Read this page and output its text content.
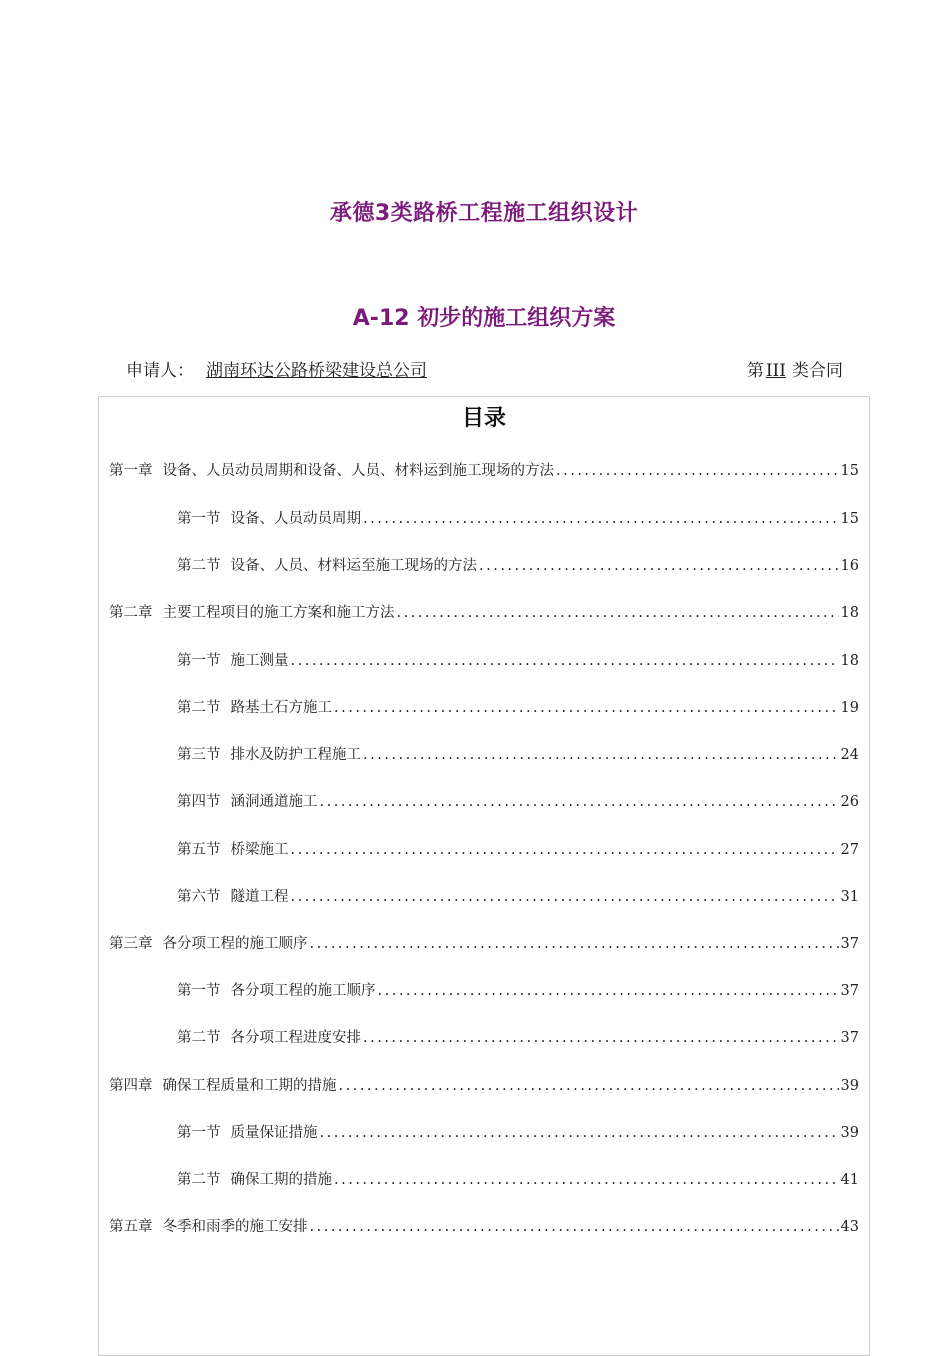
承德3类路桥工程施工组织设计
A-12 初步的施工组织方案
申请人： 湖南环达公路桥梁建设总公司	第 III 类合同
目录
第一章 设备、人员动员周期和设备、人员、材料运到施工现场的方法 .....	15
第一节 设备、人员动员周期 .....	15
第二节 设备、人员、材料运至施工现场的方法 .....	16
第二章 主要工程项目的施工方案和施工方法 .....	18
第一节 施工测量 .....	18
第二节 路基土石方施工 .....	19
第三节 排水及防护工程施工 .....	24
第四节 涵洞通道施工 .....	26
第五节 桥梁施工 .....	27
第六节 隧道工程 .....	31
第三章 各分项工程的施工顺序 .....	37
第一节 各分项工程的施工顺序 .....	37
第二节 各分项工程进度安排 .....	37
第四章 确保工程质量和工期的措施 .....	39
第一节 质量保证措施 .....	39
第二节 确保工期的措施 .....	41
第五章 冬季和雨季的施工安排 .....	43
